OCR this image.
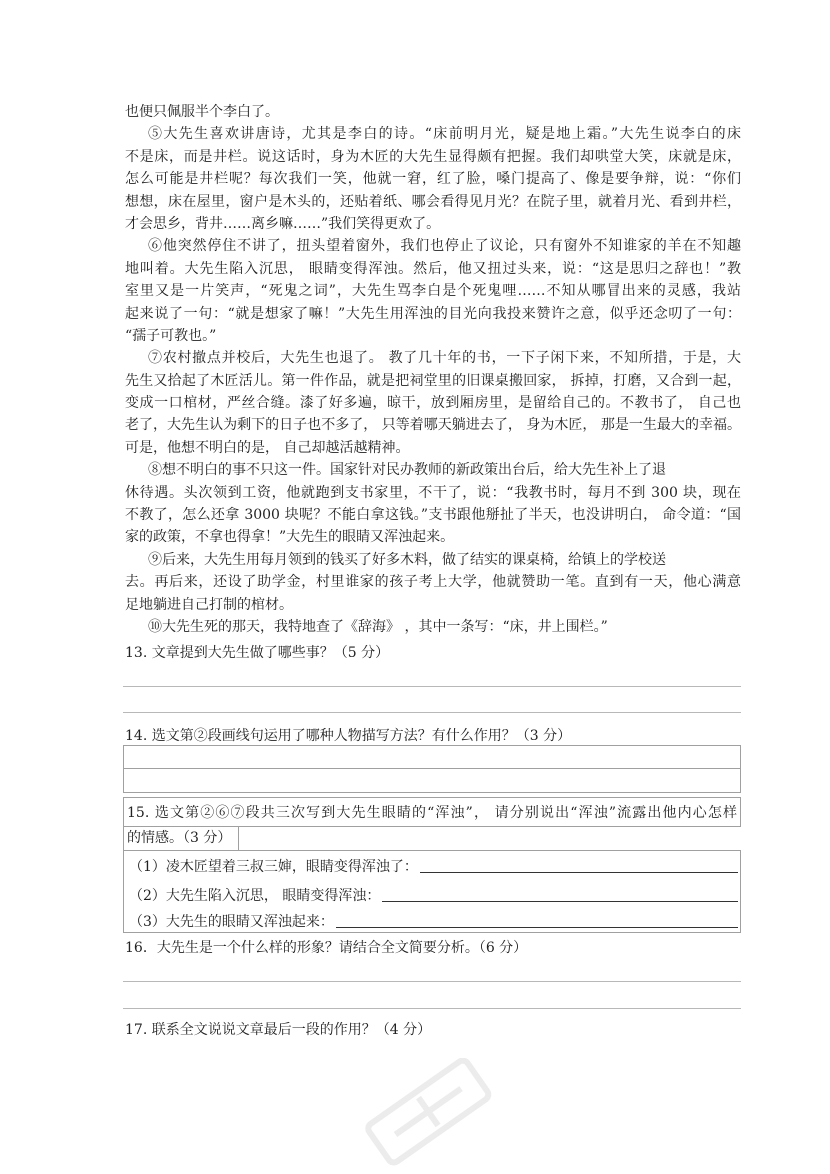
也便只佩服半个李白了。
⑤大先生喜欢讲唐诗，尤其是李白的诗。“床前明月光，疑是地上霜。”大先生说李白的床
不是床，而是井栏。说这话时，身为木匠的大先生显得颇有把握。我们却哄堂大笑，床就是床，
怎么可能是井栏呢？每次我们一笑，他就一窘，红了脸，嗓门提高了、像是要争辩，说：“你们
想想，床在屋里，窗户是木头的，还贴着纸、哪会看得见月光？在院子里，就着月光、看到井栏，
才会思乡，背井……离乡嘛……”我们笑得更欢了。
⑥他突然停住不讲了，扭头望着窗外，我们也停止了议论，只有窗外不知谁家的羊在不知趣
地叫着。大先生陷入沉思， 眼睛变得浑浊。然后，他又扭过头来，说：“这是思归之辞也！”教
室里又是一片笑声，“死鬼之词”，大先生骂李白是个死鬼哩……不知从哪冒出来的灵感，我站
起来说了一句：“就是想家了嘛！”大先生用浑浊的目光向我投来赞许之意，似乎还念叨了一句：
“孺子可教也。”
⑦农村撤点并校后，大先生也退了。 教了几十年的书，一下子闲下来，不知所措，于是，大
先生又拾起了木匠活儿。第一件作品，就是把祠堂里的旧课桌搬回家， 拆掉，打磨，又合到一起，
变成一口棺材，严丝合缝。漆了好多遍，晾干，放到厢房里，是留给自己的。不教书了， 自己也
老了，大先生认为剩下的日子也不多了， 只等着哪天躺进去了， 身为木匠， 那是一生最大的幸福。
可是，他想不明白的是， 自己却越活越精神。
⑧想不明白的事不只这一件。国家针对民办教师的新政策出台后，给大先生补上了退
休待遇。头次领到工资，他就跑到支书家里，不干了，说：“我教书时，每月不到 300 块，现在
不教了，怎么还拿 3000 块呢？不能白拿这钱。”支书跟他掰扯了半天，也没讲明白， 命令道：“国
家的政策，不拿也得拿！”大先生的眼睛又浑浊起来。
⑨后来，大先生用每月领到的钱买了好多木料，做了结实的课桌椅，给镇上的学校送
去。再后来，还设了助学金，村里谁家的孩子考上大学，他就赞助一笔。直到有一天，他心满意
足地躺进自己打制的棺材。
⑩大先生死的那天，我特地查了《辞海》 ，其中一条写：“床，井上围栏。”
13. 文章提到大先生做了哪些事？（5 分）
14. 选文第②段画线句运用了哪种人物描写方法？有什么作用？（3 分）
15. 选文第②⑥⑦段共三次写到大先生眼睛的“浑浊”， 请分别说出“浑浊”流露出他内心怎样
的情感。（3 分）
（1）凌木匠望着三叔三婶，眼睛变得浑浊了：
（2）大先生陷入沉思， 眼睛变得浑浊：
（3）大先生的眼睛又浑浊起来：
16．大先生是一个什么样的形象？请结合全文简要分析。（6 分）
17. 联系全文说说文章最后一段的作用？（4 分）
